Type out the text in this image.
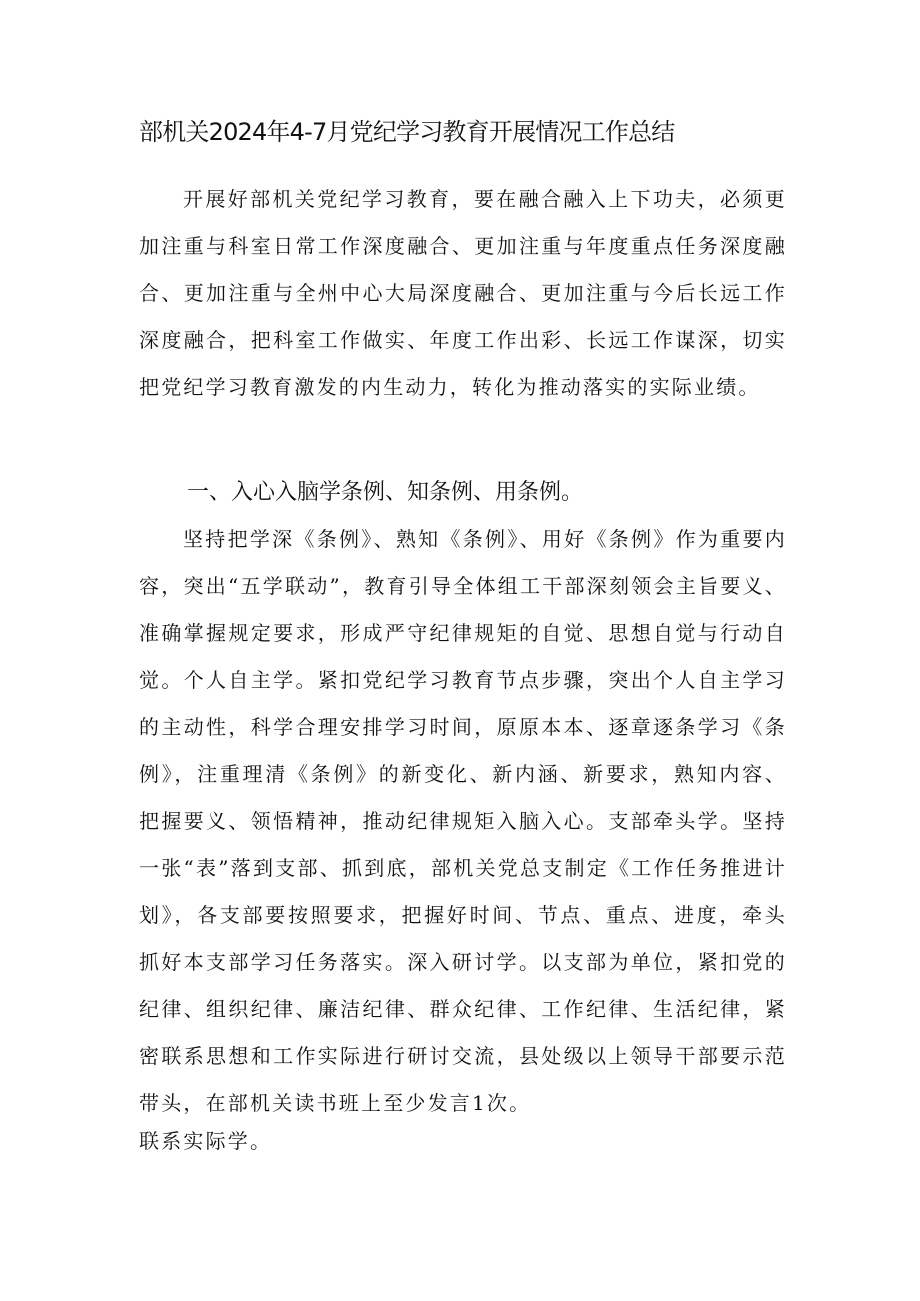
部机关2024年4-7月党纪学习教育开展情况工作总结

开展好部机关党纪学习教育，要在融合融入上下功夫，必须更加注重与科室日常工作深度融合、更加注重与年度重点任务深度融合、更加注重与全州中心大局深度融合、更加注重与今后长远工作深度融合，把科室工作做实、年度工作出彩、长远工作谋深，切实把党纪学习教育激发的内生动力，转化为推动落实的实际业绩。

一、入心入脑学条例、知条例、用条例。

坚持把学深《条例》、熟知《条例》、用好《条例》作为重要内容，突出“五学联动”，教育引导全体组工干部深刻领会主旨要义、准确掌握规定要求，形成严守纪律规矩的自觉、思想自觉与行动自觉。个人自主学。紧扣党纪学习教育节点步骤，突出个人自主学习的主动性，科学合理安排学习时间，原原本本、逐章逐条学习《条例》，注重理清《条例》的新变化、新内涵、新要求，熟知内容、把握要义、领悟精神，推动纪律规矩入脑入心。支部牵头学。坚持一张“表”落到支部、抓到底，部机关党总支制定《工作任务推进计划》，各支部要按照要求，把握好时间、节点、重点、进度，牵头抓好本支部学习任务落实。深入研讨学。以支部为单位，紧扣党的纪律、组织纪律、廉洁纪律、群众纪律、工作纪律、生活纪律，紧密联系思想和工作实际进行研讨交流，县处级以上领导干部要示范带头，在部机关读书班上至少发言1次。

联系实际学。
